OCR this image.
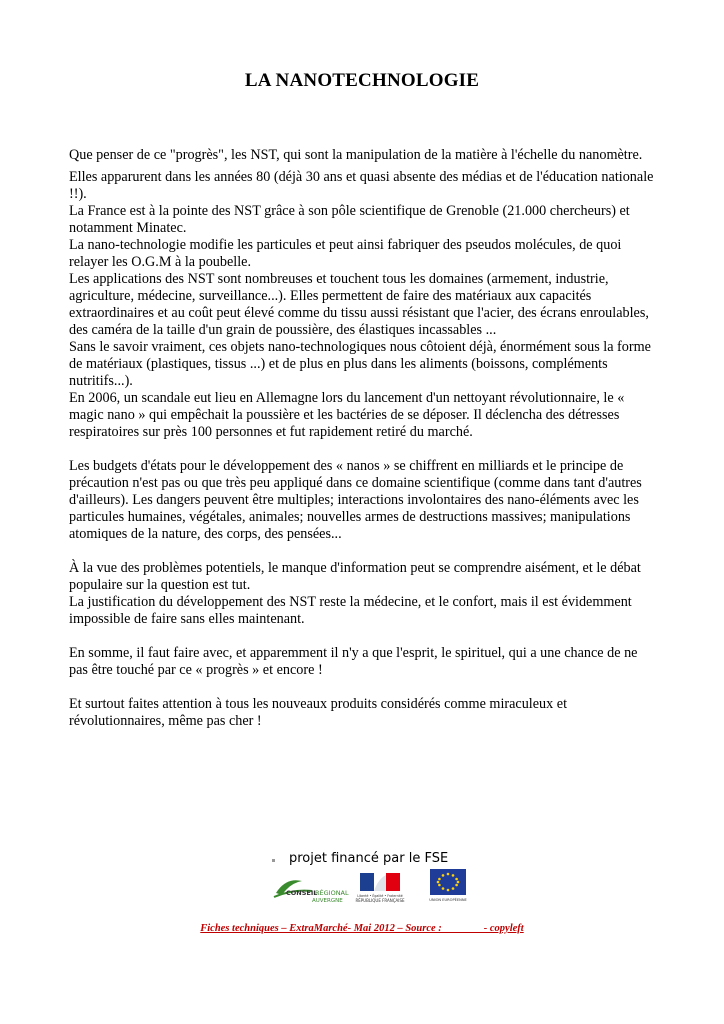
LA NANOTECHNOLOGIE

Que penser de ce "progrès", les NST, qui sont la manipulation de la matière à l'échelle du nanomètre.

Elles apparurent dans les années 80 (déjà 30 ans et quasi absente des médias et de l'éducation nationale !!).

La France est à la pointe des NST grâce à son pôle scientifique de Grenoble (21.000 chercheurs) et notamment Minatec.

La nano-technologie modifie les particules et peut ainsi fabriquer des pseudos molécules, de quoi relayer les O.G.M à la poubelle.

Les applications des NST sont nombreuses et touchent tous les domaines (armement, industrie, agriculture, médecine, surveillance...). Elles permettent de faire des matériaux aux capacités extraordinaires et au coût peut élevé comme du tissu aussi résistant que l'acier, des écrans enroulables, des caméra de la taille d'un grain de poussière, des élastiques incassables ...

Sans le savoir vraiment, ces objets nano-technologiques nous côtoient déjà, énormément sous la forme de matériaux (plastiques, tissus ...) et de plus en plus dans les aliments (boissons, compléments nutritifs...).

En 2006, un scandale eut lieu en Allemagne lors du lancement d'un nettoyant révolutionnaire, le « magic nano » qui empêchait la poussière et les bactéries de se déposer. Il déclencha des détresses respiratoires sur près 100 personnes et fut rapidement retiré du marché.

Les budgets d'états pour le développement des « nanos » se chiffrent en milliards et le principe de précaution n'est pas ou que très peu appliqué dans ce domaine scientifique (comme dans tant d'autres d'ailleurs). Les dangers peuvent être multiples; interactions involontaires des nano-éléments avec les particules humaines, végétales, animales; nouvelles armes de destructions massives; manipulations atomiques de la nature, des corps, des pensées...

À la vue des problèmes potentiels, le manque d'information peut se comprendre aisément, et le débat populaire sur la question est tut.

La justification du développement des NST reste la médecine, et le confort, mais il est évidemment impossible de faire sans elles maintenant.

En somme, il faut faire avec, et apparemment il n'y a que l'esprit, le spirituel, qui a une chance de ne pas être touché par ce « progrès » et encore !

Et surtout faites attention à tous les nouveaux produits considérés comme miraculeux et révolutionnaires, même pas cher !

projet financé par le FSE
CONSEIL
RÉGIONAL
AUVERGNE
Liberté • Égalité • Fraternité
RÉPUBLIQUE FRANÇAISE	UNION EUROPÉENNE
Fiches techniques – ExtraMarché- Mai 2012 – Source :                - copyleft
